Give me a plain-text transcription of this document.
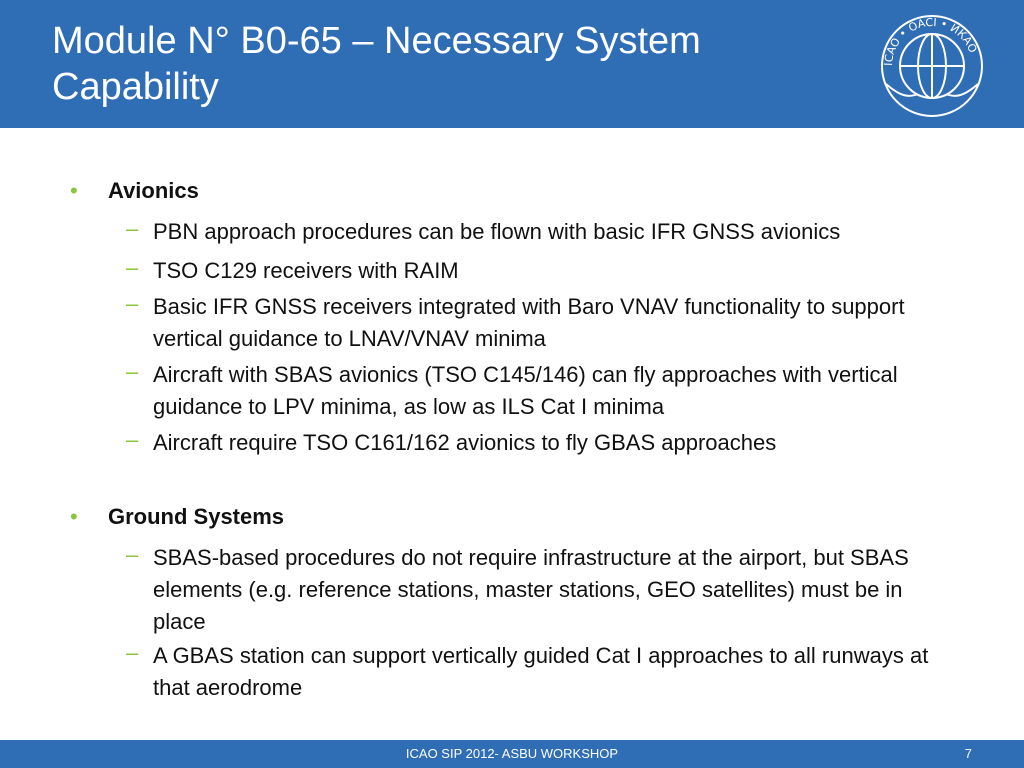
Module N° B0-65 – Necessary System Capability
ICAO • OACI • ИКАО
• Avionics
– PBN approach procedures can be flown with basic IFR GNSS avionics
– TSO C129 receivers with RAIM
– Basic IFR GNSS receivers integrated with Baro VNAV functionality to support vertical guidance to LNAV/VNAV minima
– Aircraft with SBAS avionics (TSO C145/146) can fly approaches with vertical guidance to LPV minima, as low as ILS Cat I minima
– Aircraft require TSO C161/162 avionics to fly GBAS approaches
• Ground Systems
– SBAS-based procedures do not require infrastructure at the airport, but SBAS elements (e.g. reference stations, master stations, GEO satellites) must be in place
– A GBAS station can support vertically guided Cat I approaches to all runways at that aerodrome
ICAO SIP 2012- ASBU WORKSHOP	7
